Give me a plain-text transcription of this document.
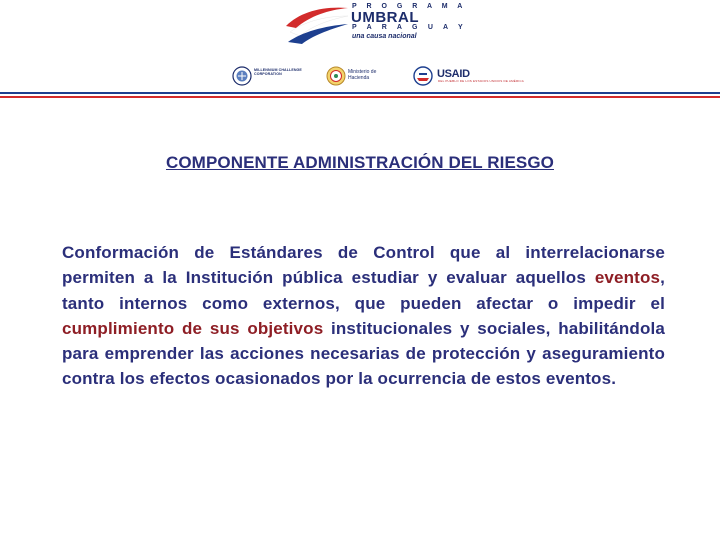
P R O G R A M A
UMBRAL
P A R A G U A Y
una causa nacional
MILLENNIUM CHALLENGE CORPORATION	Ministerio de Hacienda	USAID
DEL PUEBLO DE LOS ESTADOS UNIDOS DE AMÉRICA
COMPONENTE ADMINISTRACIÓN DEL RIESGO
Conformación de Estándares de Control que al interrelacionarse permiten a la Institución pública estudiar y evaluar aquellos eventos, tanto internos como externos, que pueden afectar o impedir el cumplimiento de sus objetivos institucionales y sociales, habilitándola para emprender las acciones necesarias de protección y aseguramiento contra los efectos ocasionados por la ocurrencia de estos eventos.
